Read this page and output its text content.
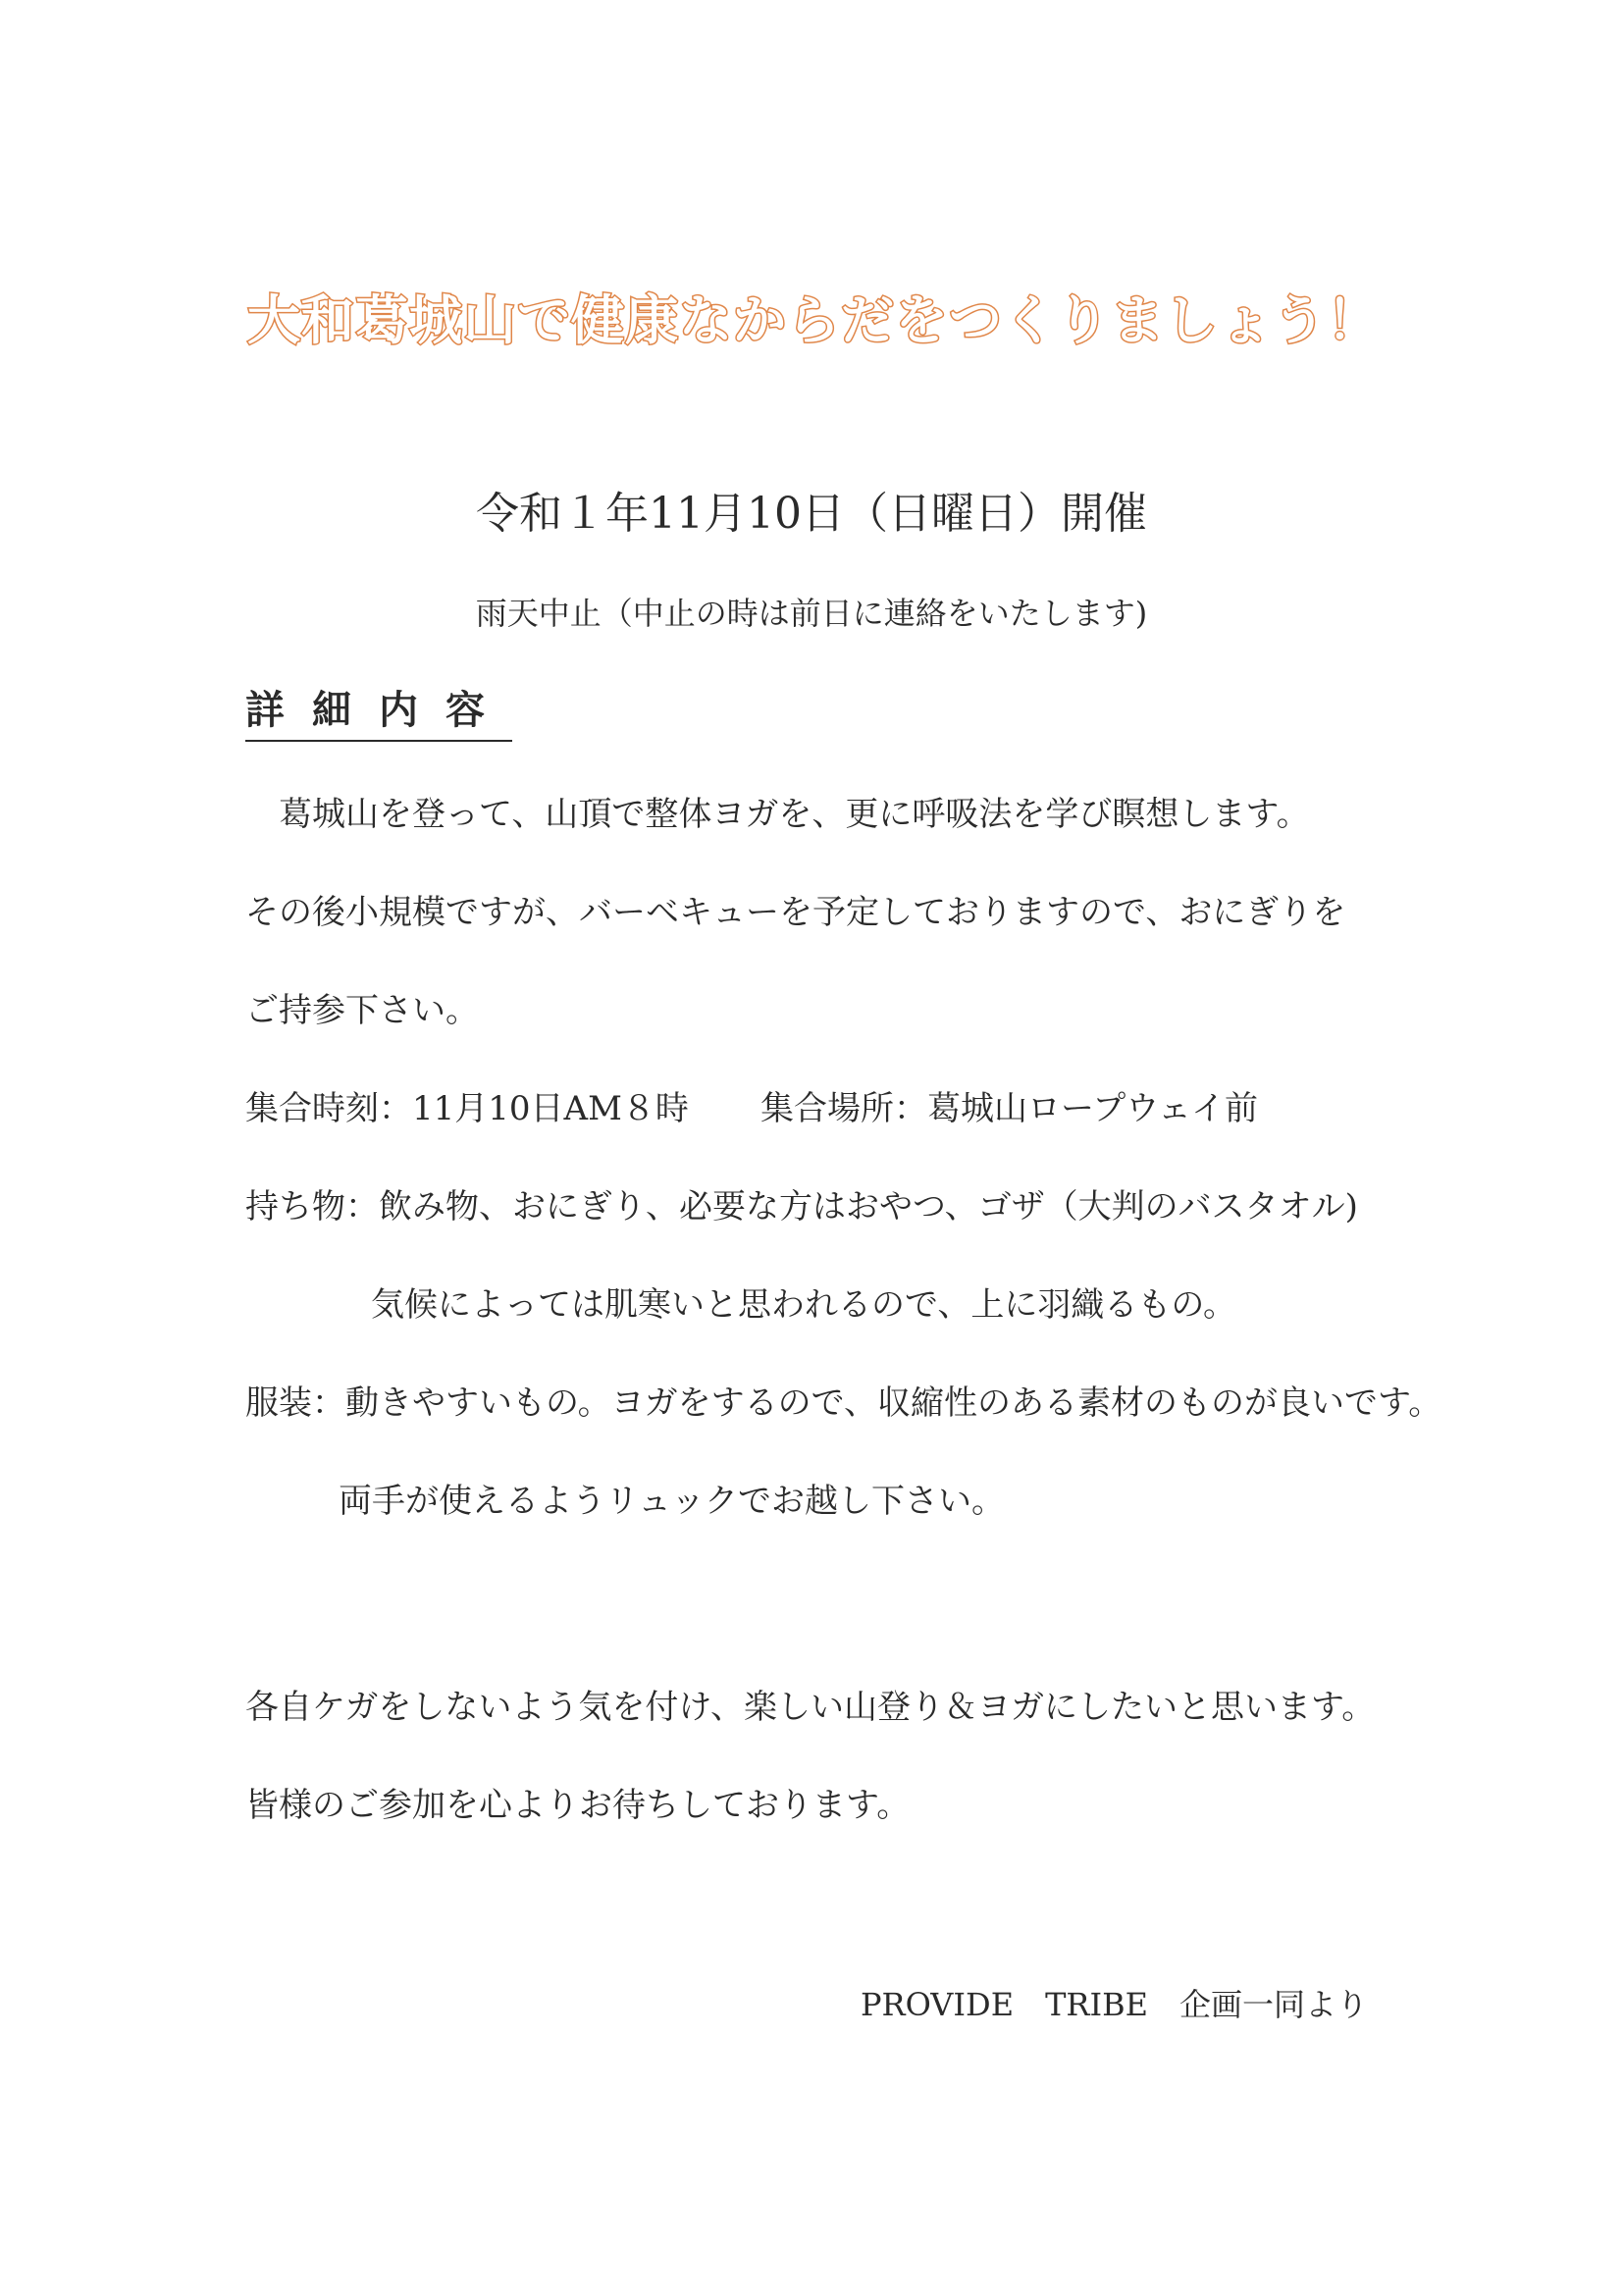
大和葛城山で健康なからだをつくりましょう！
令和１年11月10日（日曜日）開催
雨天中止（中止の時は前日に連絡をいたします)
詳細内容
葛城山を登って、山頂で整体ヨガを、更に呼吸法を学び瞑想します。
その後小規模ですが、バーベキューを予定しておりますので、おにぎりを
ご持参下さい。
集合時刻：11月10日AM８時 集合場所：葛城山ロープウェイ前
持ち物：飲み物、おにぎり、必要な方はおやつ、ゴザ（大判のバスタオル)
気候によっては肌寒いと思われるので、上に羽織るもの。
服装：動きやすいもの。ヨガをするので、収縮性のある素材のものが良いです。
両手が使えるようリュックでお越し下さい。
各自ケガをしないよう気を付け、楽しい山登り＆ヨガにしたいと思います。
皆様のご参加を心よりお待ちしております。
PROVIDE　TRIBE　企画一同より
